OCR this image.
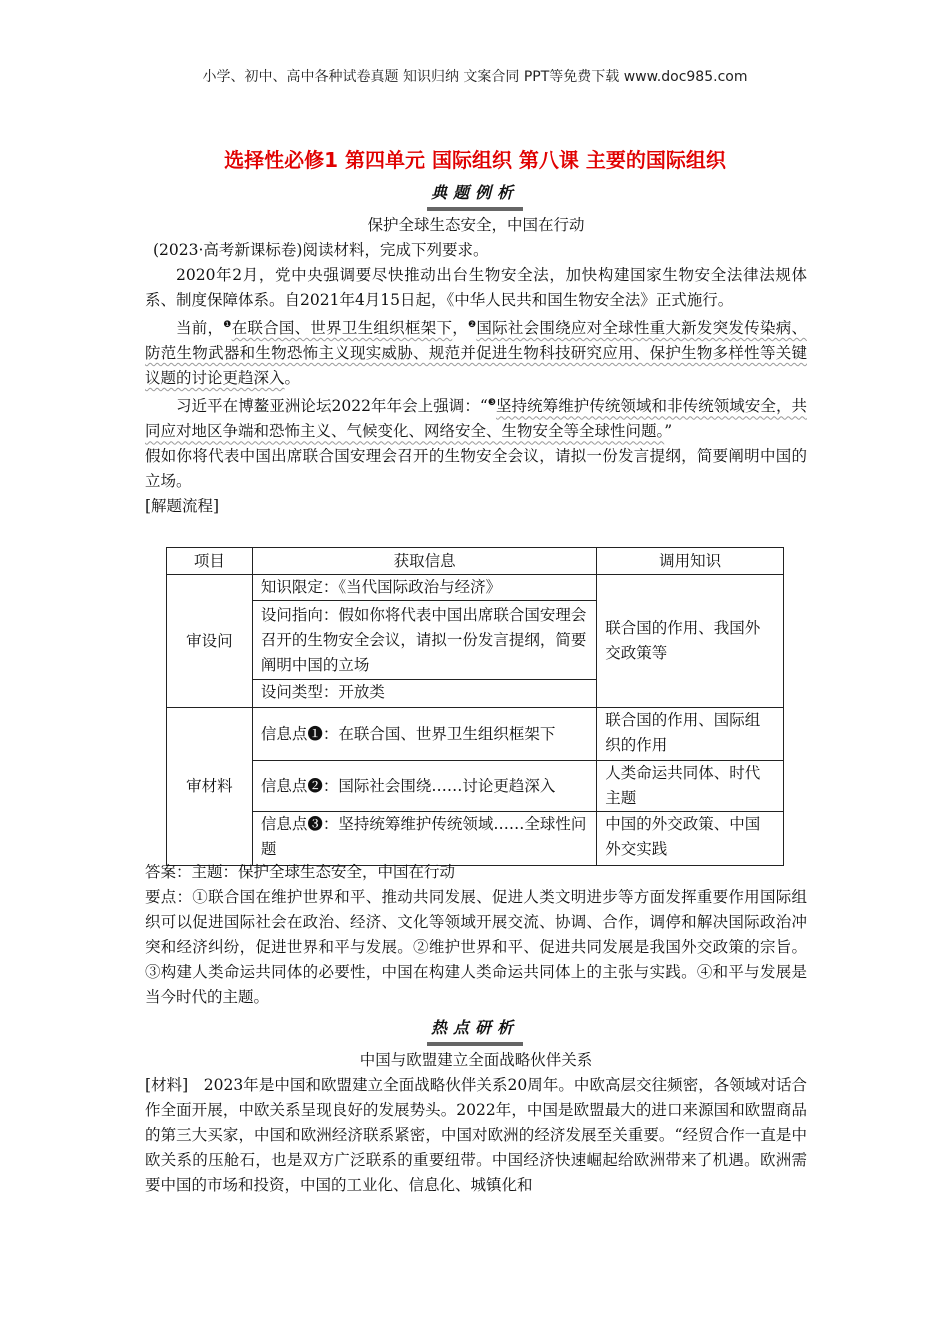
小学、初中、高中各种试卷真题 知识归纳 文案合同 PPT等免费下载 www.doc985.com
选择性必修1 第四单元 国际组织 第八课 主要的国际组织
典题例析

保护全球生态安全，中国在行动

(2023·高考新课标卷)阅读材料，完成下列要求。

2020年2月，党中央强调要尽快推动出台生物安全法，加快构建国家生物安全法律法规体系、制度保障体系。自2021年4月15日起，《中华人民共和国生物安全法》正式施行。

当前，$^❶$在联合国、世界卫生组织框架下，$^❷$国际社会围绕应对全球性重大新发突发传染病、防范生物武器和生物恐怖主义现实威胁、规范并促进生物科技研究应用、保护生物多样性等关键议题的讨论更趋深入。

习近平在博鳌亚洲论坛2022年年会上强调：“$^❸$坚持统筹维护传统领域和非传统领域安全，共同应对地区争端和恐怖主义、气候变化、网络安全、生物安全等全球性问题。”

假如你将代表中国出席联合国安理会召开的生物安全会议，请拟一份发言提纲，简要阐明中国的立场。

[解题流程]

项目	获取信息	调用知识
审设问	知识限定：《当代国际政治与经济》	联合国的作用、我国外交政策等
	设问指向：假如你将代表中国出席联合国安理会召开的生物安全会议，请拟一份发言提纲，简要阐明中国的立场	
	设问类型：开放类	
审材料	信息点❶：在联合国、世界卫生组织框架下	联合国的作用、国际组织的作用
	信息点❷：国际社会围绕……讨论更趋深入	人类命运共同体、时代主题
	信息点❸：坚持统筹维护传统领域……全球性问题	中国的外交政策、中国外交实践

答案：主题：保护全球生态安全，中国在行动

要点：①联合国在维护世界和平、推动共同发展、促进人类文明进步等方面发挥重要作用国际组织可以促进国际社会在政治、经济、文化等领域开展交流、协调、合作，调停和解决国际政治冲突和经济纠纷，促进世界和平与发展。②维护世界和平、促进共同发展是我国外交政策的宗旨。③构建人类命运共同体的必要性，中国在构建人类命运共同体上的主张与实践。④和平与发展是当今时代的主题。

热点研析

中国与欧盟建立全面战略伙伴关系

[材料]　2023年是中国和欧盟建立全面战略伙伴关系20周年。中欧高层交往频密，各领域对话合作全面开展，中欧关系呈现良好的发展势头。2022年，中国是欧盟最大的进口来源国和欧盟商品的第三大买家，中国和欧洲经济联系紧密，中国对欧洲的经济发展至关重要。“经贸合作一直是中欧关系的压舱石，也是双方广泛联系的重要纽带。中国经济快速崛起给欧洲带来了机遇。欧洲需要中国的市场和投资，中国的工业化、信息化、城镇化和
